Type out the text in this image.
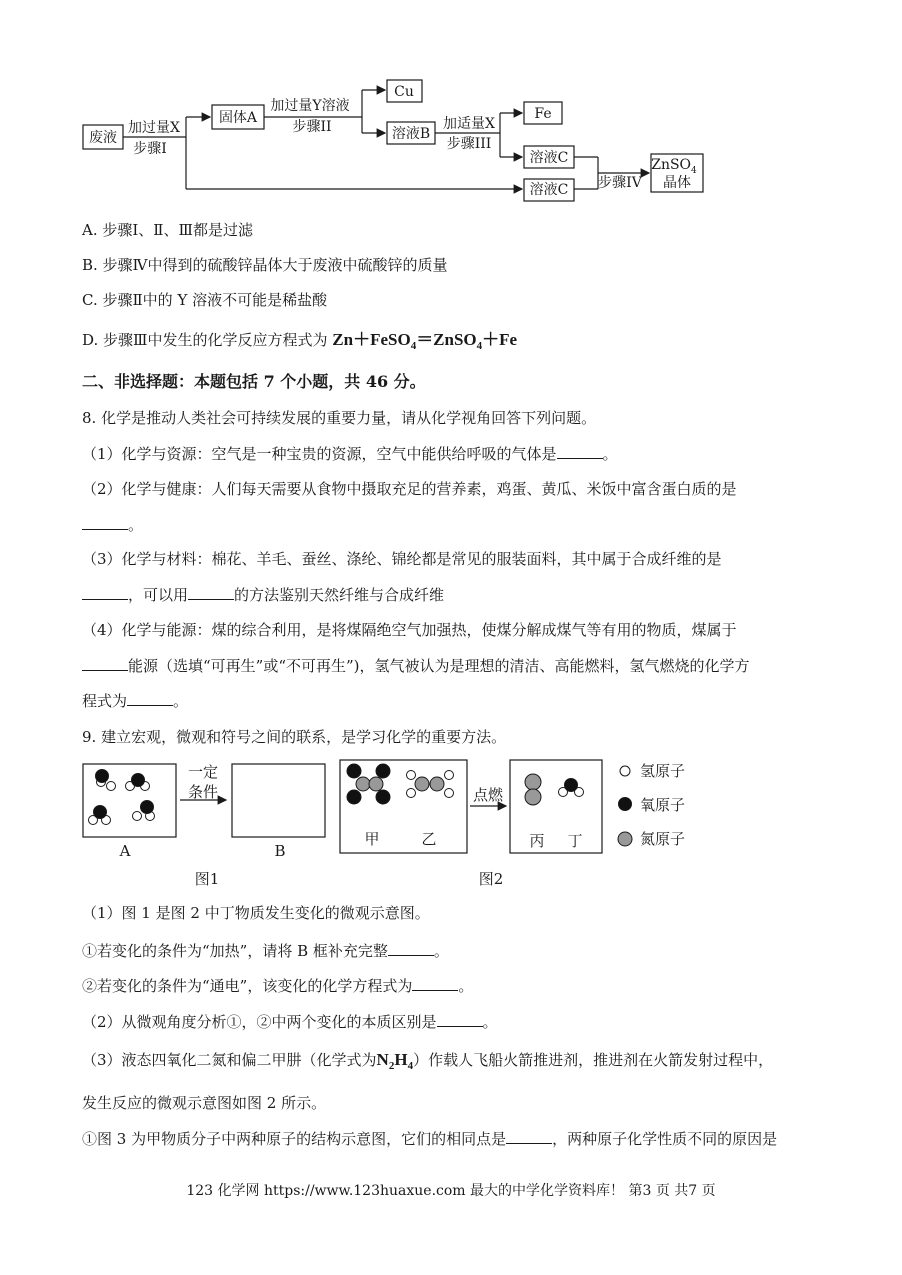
废液
加过量X
步骤I
固体A
加过量Y溶液
步骤II
Cu
溶液B
加适量X
步骤III
Fe
溶液C
溶液C 步骤IV
ZnSO$_4$
晶体
A. 步骤Ⅰ、Ⅱ、Ⅲ都是过滤
B. 步骤Ⅳ中得到的硫酸锌晶体大于废液中硫酸锌的质量
C. 步骤Ⅱ中的 Y 溶液不可能是稀盐酸
D. 步骤Ⅲ中发生的化学反应方程式为 Zn＋FeSO$_4$＝ZnSO$_4$＋Fe
二、非选择题：本题包括 7 个小题，共 46 分。
8. 化学是推动人类社会可持续发展的重要力量，请从化学视角回答下列问题。
（1）化学与资源：空气是一种宝贵的资源，空气中能供给呼吸的气体是	。
（2）化学与健康：人们每天需要从食物中摄取充足的营养素，鸡蛋、黄瓜、米饭中富含蛋白质的是
。
（3）化学与材料：棉花、羊毛、蚕丝、涤纶、锦纶都是常见的服装面料，其中属于合成纤维的是
，可以用	的方法鉴别天然纤维与合成纤维
（4）化学与能源：煤的综合利用，是将煤隔绝空气加强热，使煤分解成煤气等有用的物质，煤属于
能源（选填“可再生”或“不可再生”)，氢气被认为是理想的清洁、高能燃料，氢气燃烧的化学方
程式为	。
9. 建立宏观，微观和符号之间的联系，是学习化学的重要方法。
一定
条件
A	B
甲	乙
点燃
丙 丁
氢原子
氧原子
氮原子
图1	图2
（1）图 1 是图 2 中丁物质发生变化的微观示意图。
①若变化的条件为“加热”，请将 B 框补充完整	。
②若变化的条件为“通电”，该变化的化学方程式为	。
（2）从微观角度分析①，②中两个变化的本质区别是	。
（3）液态四氧化二氮和偏二甲肼（化学式为$N_2H_4$）作载人飞船火箭推进剂，推进剂在火箭发射过程中，
发生反应的微观示意图如图 2 所示。
①图 3 为甲物质分子中两种原子的结构示意图，它们的相同点是	，两种原子化学性质不同的原因是
123 化学网 https://www.123huaxue.com 最大的中学化学资料库！ 第3 页 共7 页
